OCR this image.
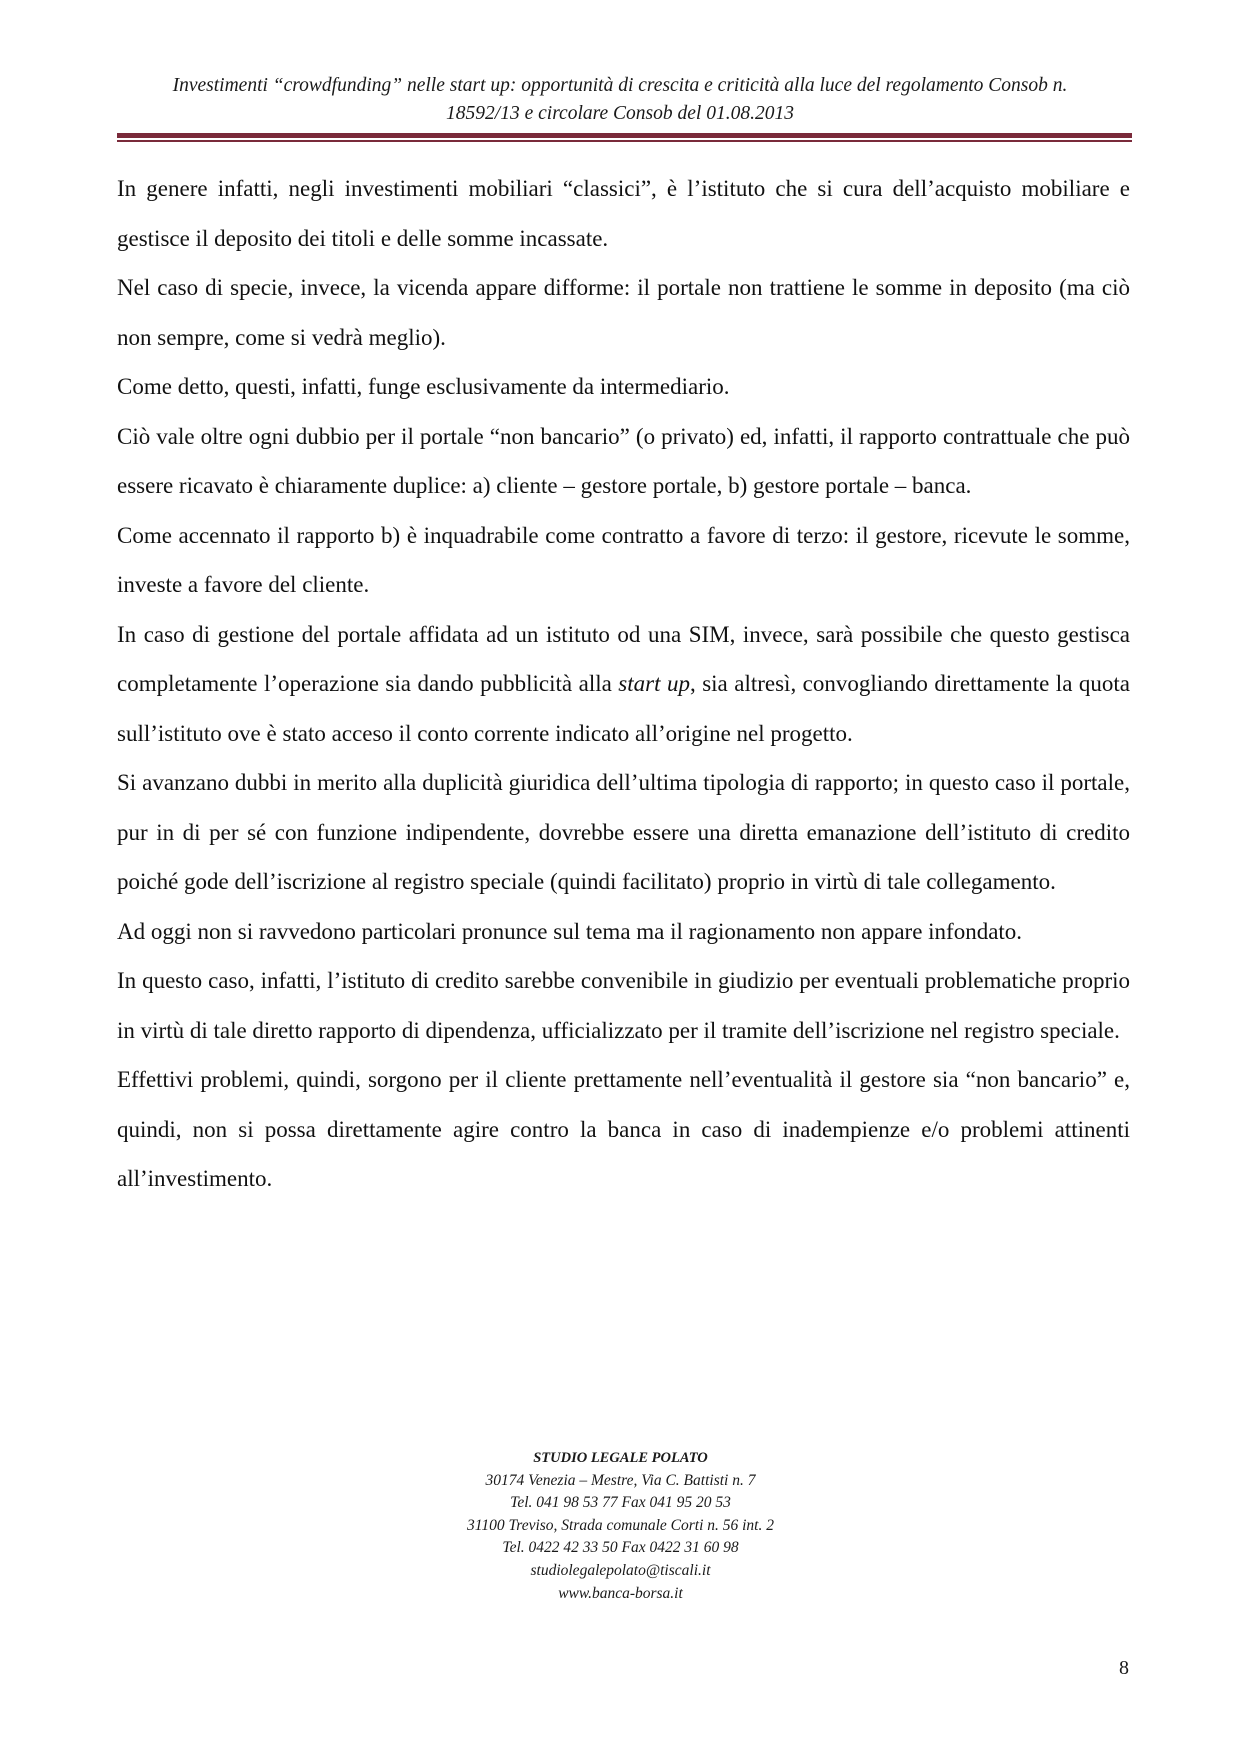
Investimenti “crowdfunding” nelle start up: opportunità di crescita e criticità alla luce del regolamento Consob n.
18592/13 e circolare Consob del 01.08.2013

In genere infatti, negli investimenti mobiliari “classici”, è l’istituto che si cura dell’acquisto mobiliare e gestisce il deposito dei titoli e delle somme incassate.

Nel caso di specie, invece, la vicenda appare difforme: il portale non trattiene le somme in deposito (ma ciò non sempre, come si vedrà meglio).

Come detto, questi, infatti, funge esclusivamente da intermediario.

Ciò vale oltre ogni dubbio per il portale “non bancario” (o privato) ed, infatti, il rapporto contrattuale che può essere ricavato è chiaramente duplice: a) cliente – gestore portale, b) gestore portale – banca.

Come accennato il rapporto b) è inquadrabile come contratto a favore di terzo: il gestore, ricevute le somme, investe a favore del cliente.

In caso di gestione del portale affidata ad un istituto od una SIM, invece, sarà possibile che questo gestisca completamente l’operazione sia dando pubblicità alla start up, sia altresì, convogliando direttamente la quota sull’istituto ove è stato acceso il conto corrente indicato all’origine nel progetto.

Si avanzano dubbi in merito alla duplicità giuridica dell’ultima tipologia di rapporto; in questo caso il portale, pur in di per sé con funzione indipendente, dovrebbe essere una diretta emanazione dell’istituto di credito poiché gode dell’iscrizione al registro speciale (quindi facilitato) proprio in virtù di tale collegamento.

Ad oggi non si ravvedono particolari pronunce sul tema ma il ragionamento non appare infondato.

In questo caso, infatti, l’istituto di credito sarebbe convenibile in giudizio per eventuali problematiche proprio in virtù di tale diretto rapporto di dipendenza, ufficializzato per il tramite dell’iscrizione nel registro speciale.

Effettivi problemi, quindi, sorgono per il cliente prettamente nell’eventualità il gestore sia “non bancario” e, quindi, non si possa direttamente agire contro la banca in caso di inadempienze e/o problemi attinenti all’investimento.

STUDIO LEGALE POLATO
30174 Venezia – Mestre, Via C. Battisti n. 7
Tel. 041 98 53 77 Fax 041 95 20 53
31100 Treviso, Strada comunale Corti n. 56 int. 2
Tel. 0422 42 33 50 Fax 0422 31 60 98
studiolegalepolato@tiscali.it
www.banca-borsa.it
8
